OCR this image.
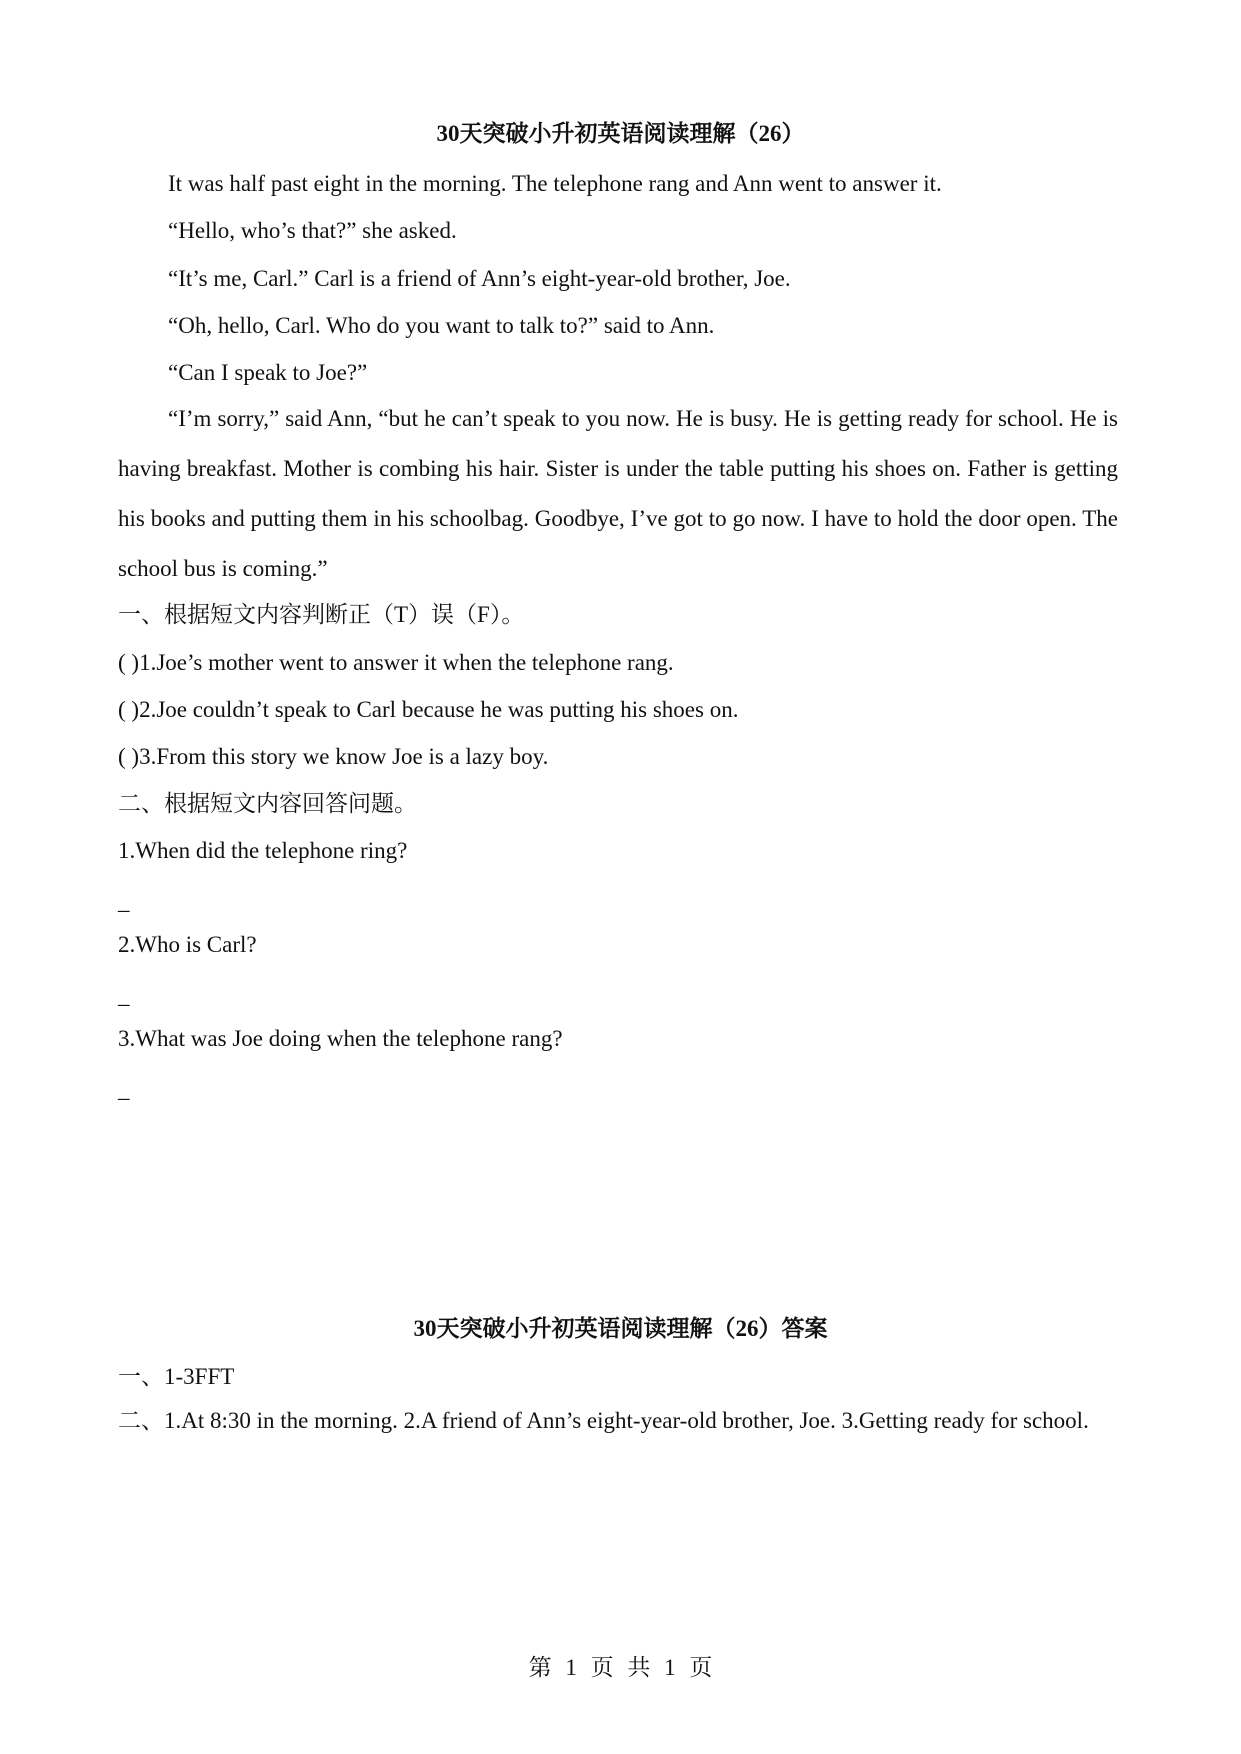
30天突破小升初英语阅读理解（26）
It was half past eight in the morning. The telephone rang and Ann went to answer it.
“Hello, who’s that?” she asked.
“It’s me, Carl.” Carl is a friend of Ann’s eight-year-old brother, Joe.
“Oh, hello, Carl. Who do you want to talk to?” said to Ann.
“Can I speak to Joe?”
“I’m sorry,” said Ann, “but he can’t speak to you now. He is busy. He is getting ready for school. He is having breakfast. Mother is combing his hair. Sister is under the table putting his shoes on. Father is getting his books and putting them in his schoolbag. Goodbye, I’ve got to go now. I have to hold the door open. The school bus is coming.”
一、根据短文内容判断正（T）误（F）。
( )1.Joe’s mother went to answer it when the telephone rang.
( )2.Joe couldn’t speak to Carl because he was putting his shoes on.
( )3.From this story we know Joe is a lazy boy.
二、根据短文内容回答问题。
1.When did the telephone ring?
_
2.Who is Carl?
_
3.What was Joe doing when the telephone rang?
_
30天突破小升初英语阅读理解（26）答案
一、1-3FFT
二、1.At 8:30 in the morning. 2.A friend of Ann’s eight-year-old brother, Joe. 3.Getting ready for school.
第 1 页 共 1 页
